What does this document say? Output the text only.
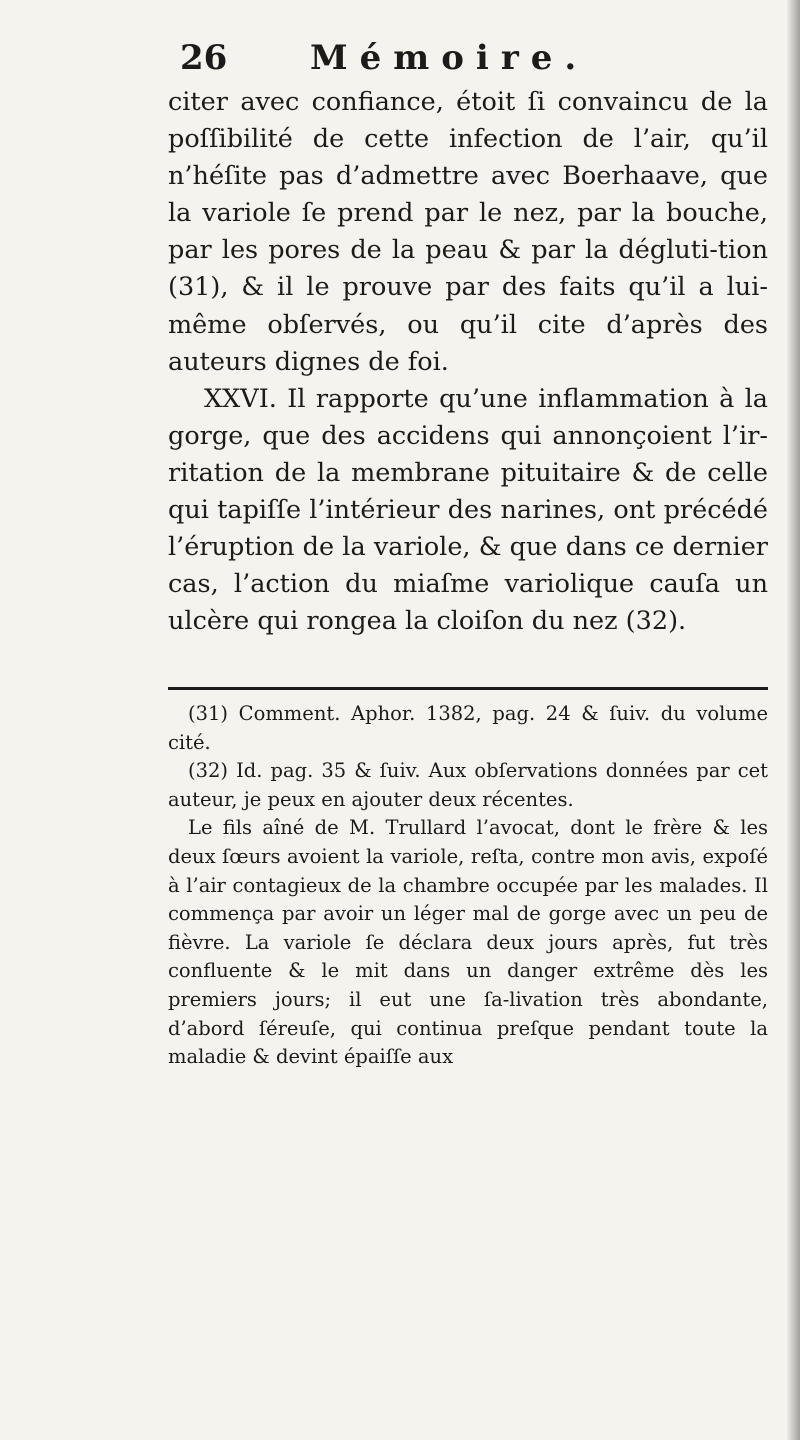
26 Mémoire.

citer avec confiance, étoit ſi convaincu de la poſſibilité de cette infection de l’air, qu’il n’héſite pas d’admettre avec Boerhaave, que la variole ſe prend par le nez, par la bouche, par les pores de la peau & par la dégluti-tion (31), & il le prouve par des faits qu’il a lui-même obſervés, ou qu’il cite d’après des auteurs dignes de foi.

XXVI. Il rapporte qu’une inflammation à la gorge, que des accidens qui annonçoient l’ir-ritation de la membrane pituitaire & de celle qui tapiſſe l’intérieur des narines, ont précédé l’éruption de la variole, & que dans ce dernier cas, l’action du miaſme variolique cauſa un ulcère qui rongea la cloiſon du nez (32).

(31) Comment. Aphor. 1382, pag. 24 & ſuiv. du volume cité.

(32) Id. pag. 35 & ſuiv. Aux obſervations données par cet auteur, je peux en ajouter deux récentes.

Le fils aîné de M. Trullard l’avocat, dont le frère & les deux ſœurs avoient la variole, reſta, contre mon avis, expoſé à l’air contagieux de la chambre occupée par les malades. Il commença par avoir un léger mal de gorge avec un peu de fièvre. La variole ſe déclara deux jours après, fut très confluente & le mit dans un danger extrême dès les premiers jours; il eut une ſa-livation très abondante, d’abord ſéreuſe, qui continua preſque pendant toute la maladie & devint épaiſſe aux
